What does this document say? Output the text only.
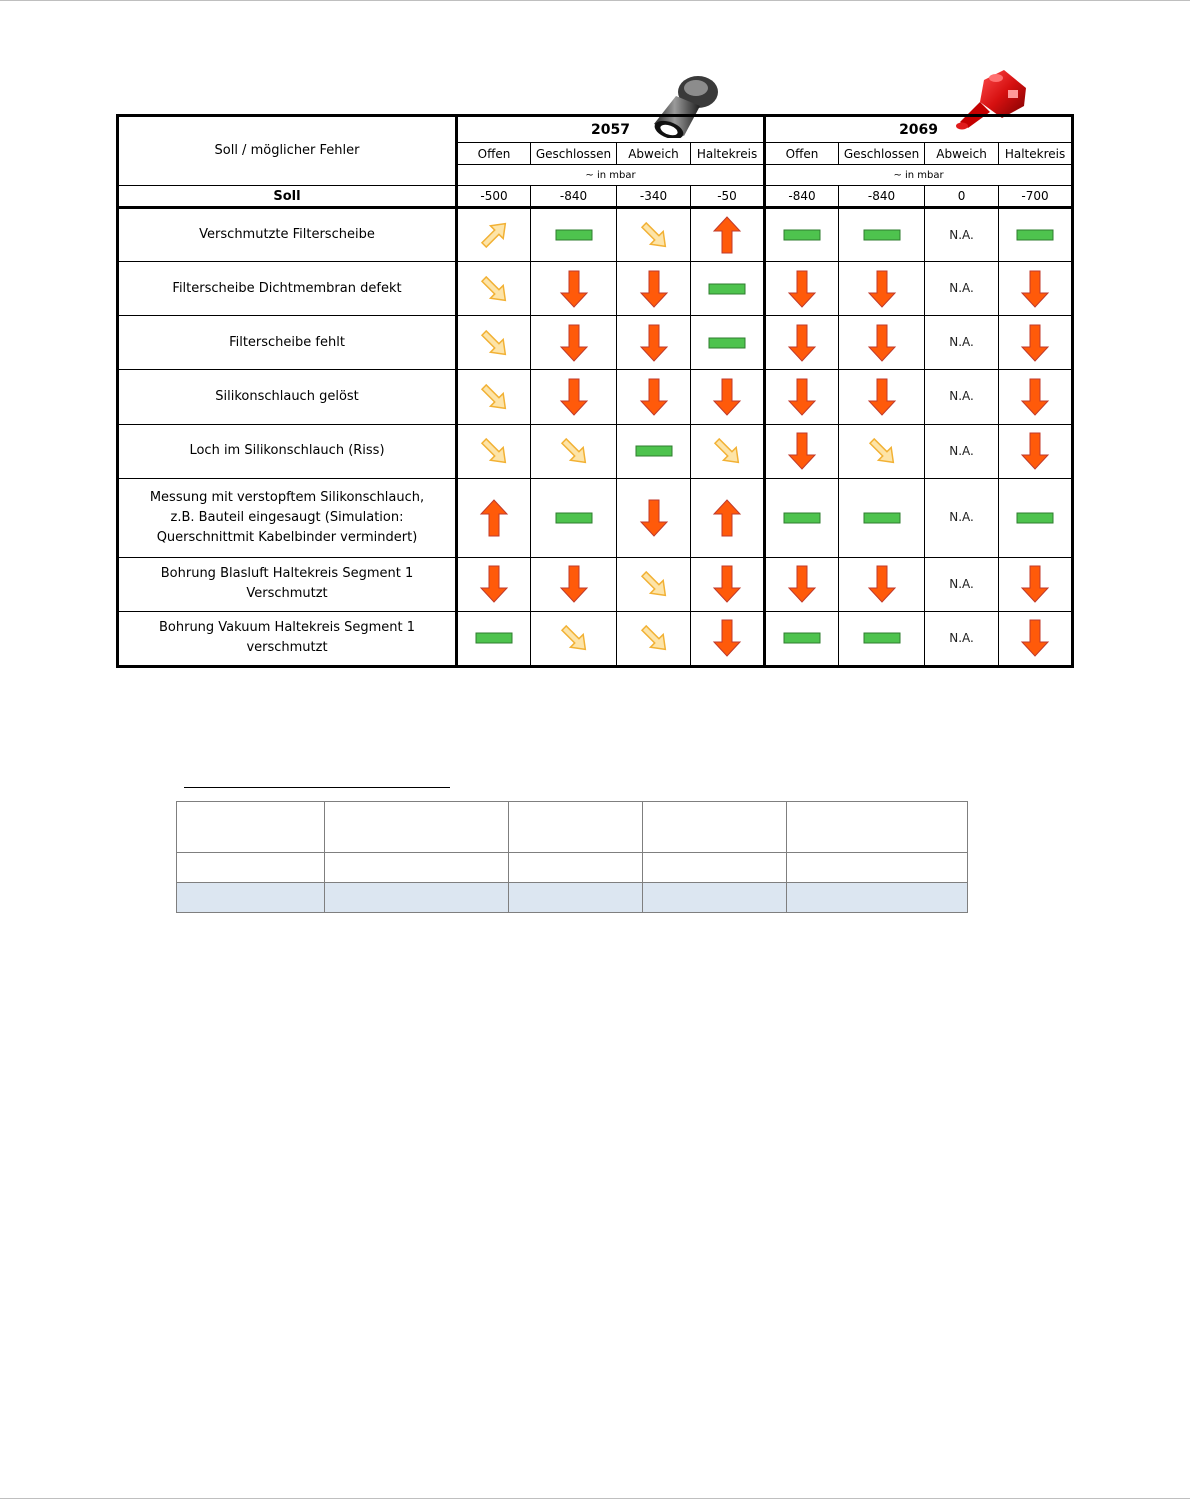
Soll / möglicher Fehler	2057				2069			
	Offen	Geschlossen	Abweich	Haltekreis	Offen	Geschlossen	Abweich	Haltekreis
	~ in mbar				~ in mbar			
Soll	-500	-840	-340	-50	-840	-840	0	-700

Verschmutzte Filterscheibe							N.A.	

Filterscheibe Dichtmembran defekt							N.A.	

Filterscheibe fehlt							N.A.	

Silikonschlauch gelöst							N.A.	

Loch im Silikonschlauch (Riss)							N.A.	

Messung mit verstopftem Silikonschlauch,
z.B. Bauteil eingesaugt (Simulation:
Querschnittmit Kabelbinder vermindert)							N.A.	

Bohrung Blasluft Haltekreis Segment 1
Verschmutzt							N.A.	

Bohrung Vakuum Haltekreis Segment 1
verschmutzt							N.A.	
